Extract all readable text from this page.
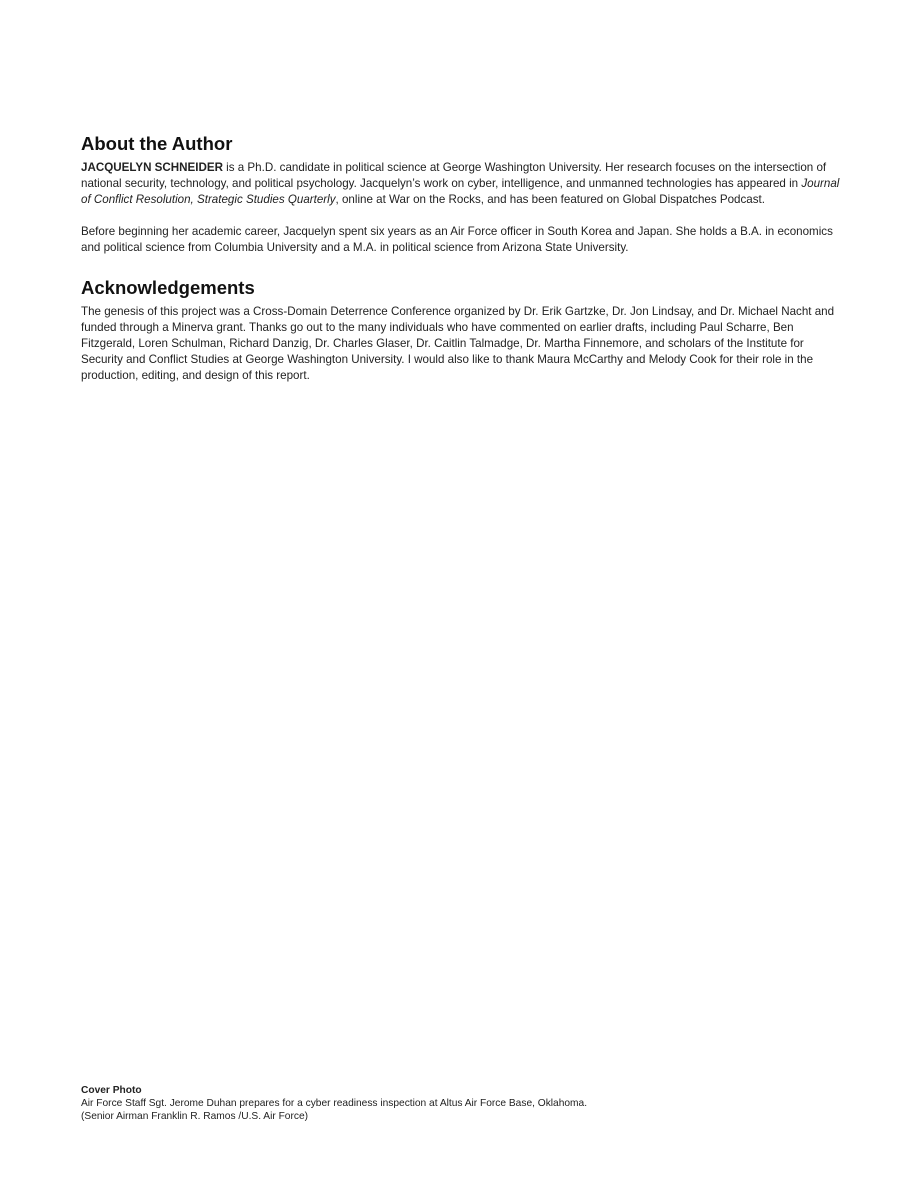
About the Author

JACQUELYN SCHNEIDER is a Ph.D. candidate in political science at George Washington University. Her research focuses on the intersection of national security, technology, and political psychology. Jacquelyn’s work on cyber, intelligence, and unmanned technologies has appeared in Journal of Conflict Resolution, Strategic Studies Quarterly, online at War on the Rocks, and has been featured on Global Dispatches Podcast.

Before beginning her academic career, Jacquelyn spent six years as an Air Force officer in South Korea and Japan. She holds a B.A. in economics and political science from Columbia University and a M.A. in political science from Arizona State University.

Acknowledgements

The genesis of this project was a Cross-Domain Deterrence Conference organized by Dr. Erik Gartzke, Dr. Jon Lindsay, and Dr. Michael Nacht and funded through a Minerva grant. Thanks go out to the many individuals who have commented on earlier drafts, including Paul Scharre, Ben Fitzgerald, Loren Schulman, Richard Danzig, Dr. Charles Glaser, Dr. Caitlin Talmadge, Dr. Martha Finnemore, and scholars of the Institute for Security and Conflict Studies at George Washington University. I would also like to thank Maura McCarthy and Melody Cook for their role in the production, editing, and design of this report.

Cover Photo
Air Force Staff Sgt. Jerome Duhan prepares for a cyber readiness inspection at Altus Air Force Base, Oklahoma.
(Senior Airman Franklin R. Ramos /U.S. Air Force)
